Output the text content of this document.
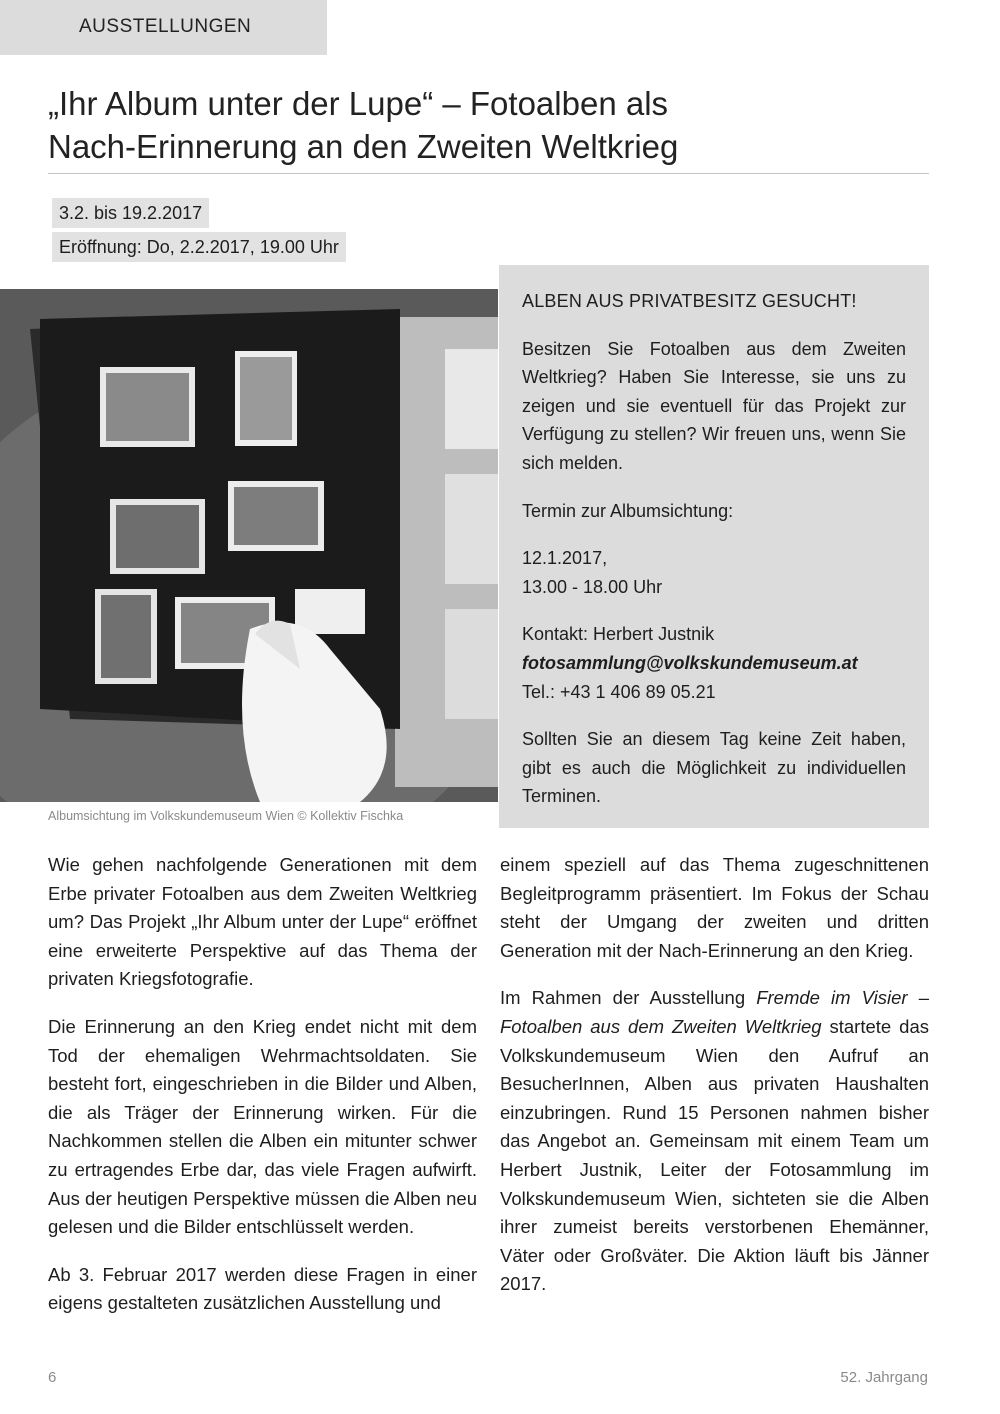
AUSSTELLUNGEN
„Ihr Album unter der Lupe“ – Fotoalben als
Nach-Erinnerung an den Zweiten Weltkrieg
3.2. bis 19.2.2017
Eröffnung: Do, 2.2.2017, 19.00 Uhr

Albumsichtung im Volkskundemuseum Wien © Kollektiv Fischka

ALBEN AUS PRIVATBESITZ GESUCHT!

Besitzen Sie Fotoalben aus dem Zweiten Weltkrieg? Haben Sie Interesse, sie uns zu zeigen und sie eventuell für das Projekt zur Verfügung zu stellen? Wir freuen uns, wenn Sie sich melden.

Termin zur Albumsichtung:

12.1.2017,
13.00 - 18.00 Uhr

Kontakt: Herbert Justnik
fotosammlung@volkskundemuseum.at
Tel.: +43 1 406 89 05.21

Sollten Sie an diesem Tag keine Zeit haben, gibt es auch die Möglichkeit zu individuellen Terminen.

Wie gehen nachfolgende Generationen mit dem Erbe privater Fotoalben aus dem Zweiten Weltkrieg um? Das Projekt „Ihr Album unter der Lupe“ eröffnet eine erweiterte Perspektive auf das Thema der privaten Kriegsfotografie.

Die Erinnerung an den Krieg endet nicht mit dem Tod der ehemaligen Wehrmachtsoldaten. Sie besteht fort, eingeschrieben in die Bilder und Alben, die als Träger der Erinnerung wirken. Für die Nachkommen stellen die Alben ein mitunter schwer zu ertragendes Erbe dar, das viele Fragen aufwirft. Aus der heutigen Perspektive müssen die Alben neu gelesen und die Bilder entschlüsselt werden.

Ab 3. Februar 2017 werden diese Fragen in einer eigens gestalteten zusätzlichen Ausstellung und

einem speziell auf das Thema zugeschnittenen Begleitprogramm präsentiert. Im Fokus der Schau steht der Umgang der zweiten und dritten Generation mit der Nach-Erinnerung an den Krieg.

Im Rahmen der Ausstellung Fremde im Visier – Fotoalben aus dem Zweiten Weltkrieg startete das Volkskundemuseum Wien den Aufruf an BesucherInnen, Alben aus privaten Haushalten einzubringen. Rund 15 Personen nahmen bisher das Angebot an. Gemeinsam mit einem Team um Herbert Justnik, Leiter der Fotosammlung im Volkskundemuseum Wien, sichteten sie die Alben ihrer zumeist bereits verstorbenen Ehemänner, Väter oder Großväter. Die Aktion läuft bis Jänner 2017.

6	52. Jahrgang
